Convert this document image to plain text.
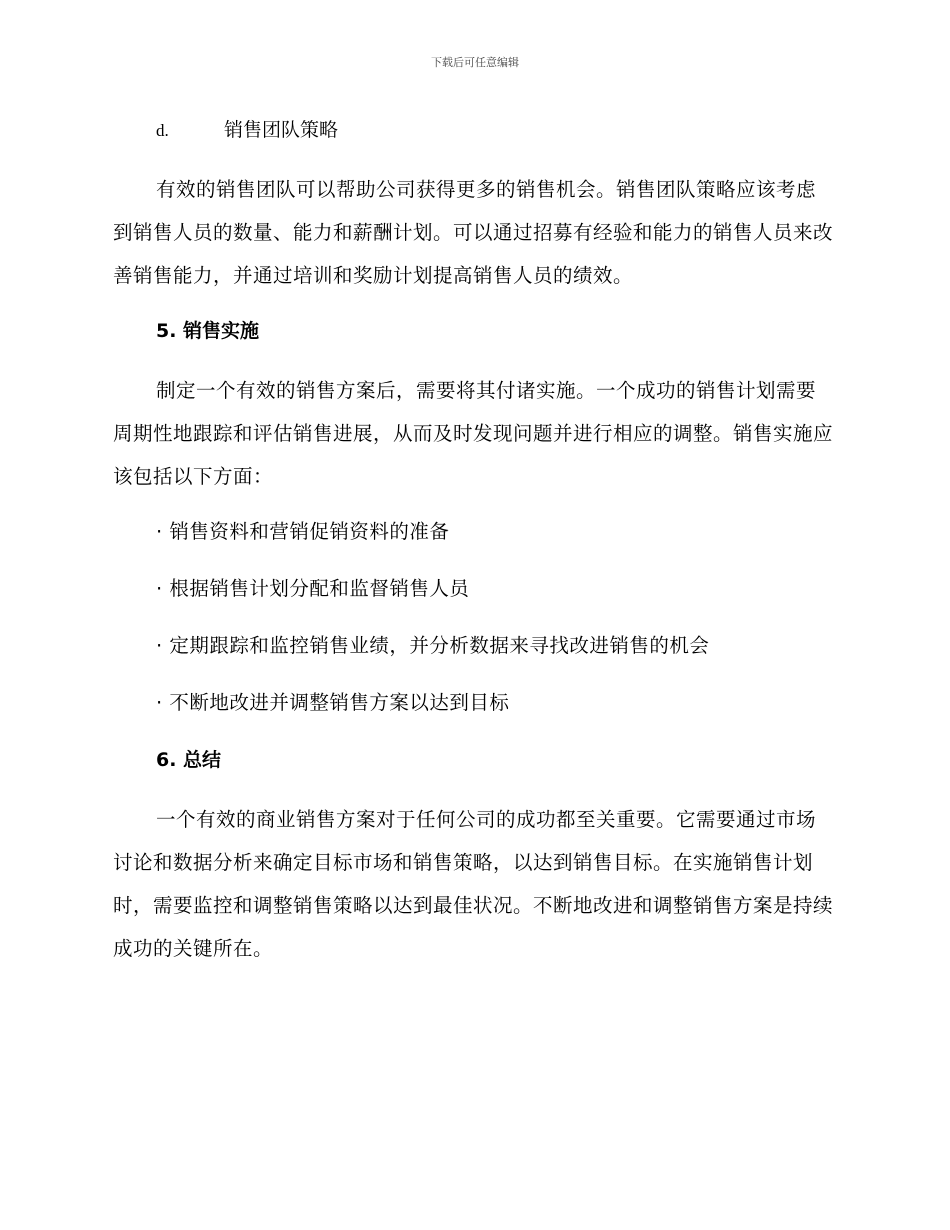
下载后可任意编辑
d.	销售团队策略

有效的销售团队可以帮助公司获得更多的销售机会。销售团队策略应该考虑到销售人员的数量、能力和薪酬计划。可以通过招募有经验和能力的销售人员来改善销售能力，并通过培训和奖励计划提高销售人员的绩效。

5. 销售实施

制定一个有效的销售方案后，需要将其付诸实施。一个成功的销售计划需要周期性地跟踪和评估销售进展，从而及时发现问题并进行相应的调整。销售实施应该包括以下方面：

· 销售资料和营销促销资料的准备
· 根据销售计划分配和监督销售人员
· 定期跟踪和监控销售业绩，并分析数据来寻找改进销售的机会
· 不断地改进并调整销售方案以达到目标
6. 总结

一个有效的商业销售方案对于任何公司的成功都至关重要。它需要通过市场讨论和数据分析来确定目标市场和销售策略，以达到销售目标。在实施销售计划时，需要监控和调整销售策略以达到最佳状况。不断地改进和调整销售方案是持续成功的关键所在。
